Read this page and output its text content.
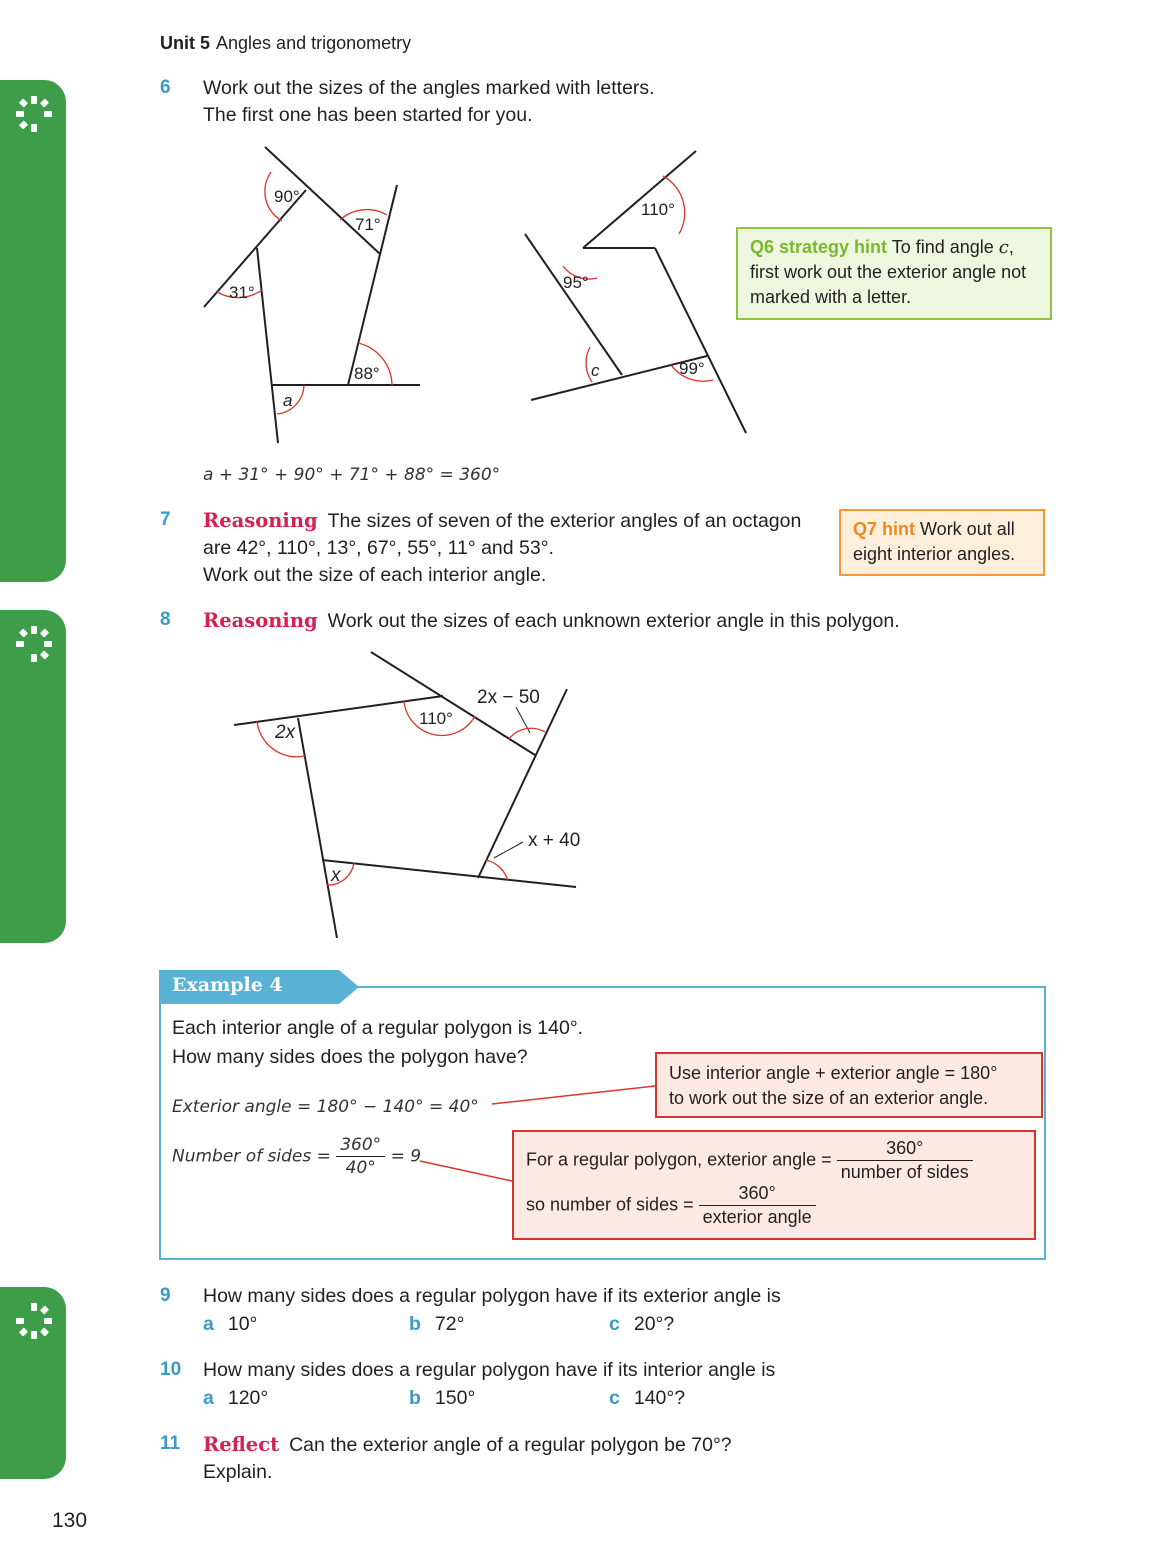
Unit 5 Angles and trigonometry
6 Work out the sizes of the angles marked with letters.
The first one has been started for you.
90°
71°
31°
88°
a
110°
95°
c	99°
2x − 50
110°
2x
x + 40
x
a + 31° + 90° + 71° + 88° = 360°
Q6 strategy hint To find angle c, first work out the exterior angle not marked with a letter.
7 Reasoning The sizes of seven of the exterior angles of an octagon
are 42°, 110°, 13°, 67°, 55°, 11° and 53°.
Work out the size of each interior angle.
Q7 hint Work out all eight interior angles.
8 Reasoning Work out the sizes of each unknown exterior angle in this polygon.
Example 4
Each interior angle of a regular polygon is 140°.
How many sides does the polygon have?
Exterior angle = 180° − 140° = 40°
Number of sides = $\frac{360^\circ}{40^\circ} = 9$
Use interior angle + exterior angle = 180°
to work out the size of an exterior angle.
For a regular polygon, exterior angle = $\frac{360^\circ}{\text{number of sides}}$
so number of sides = $\frac{360^\circ}{\text{exterior angle}}$
9 How many sides does a regular polygon have if its exterior angle is
a 10°	b 72°	c 20°?
10 How many sides does a regular polygon have if its interior angle is
a 120°	b 150°	c 140°?
11 Reflect Can the exterior angle of a regular polygon be 70°?
Explain.
130
